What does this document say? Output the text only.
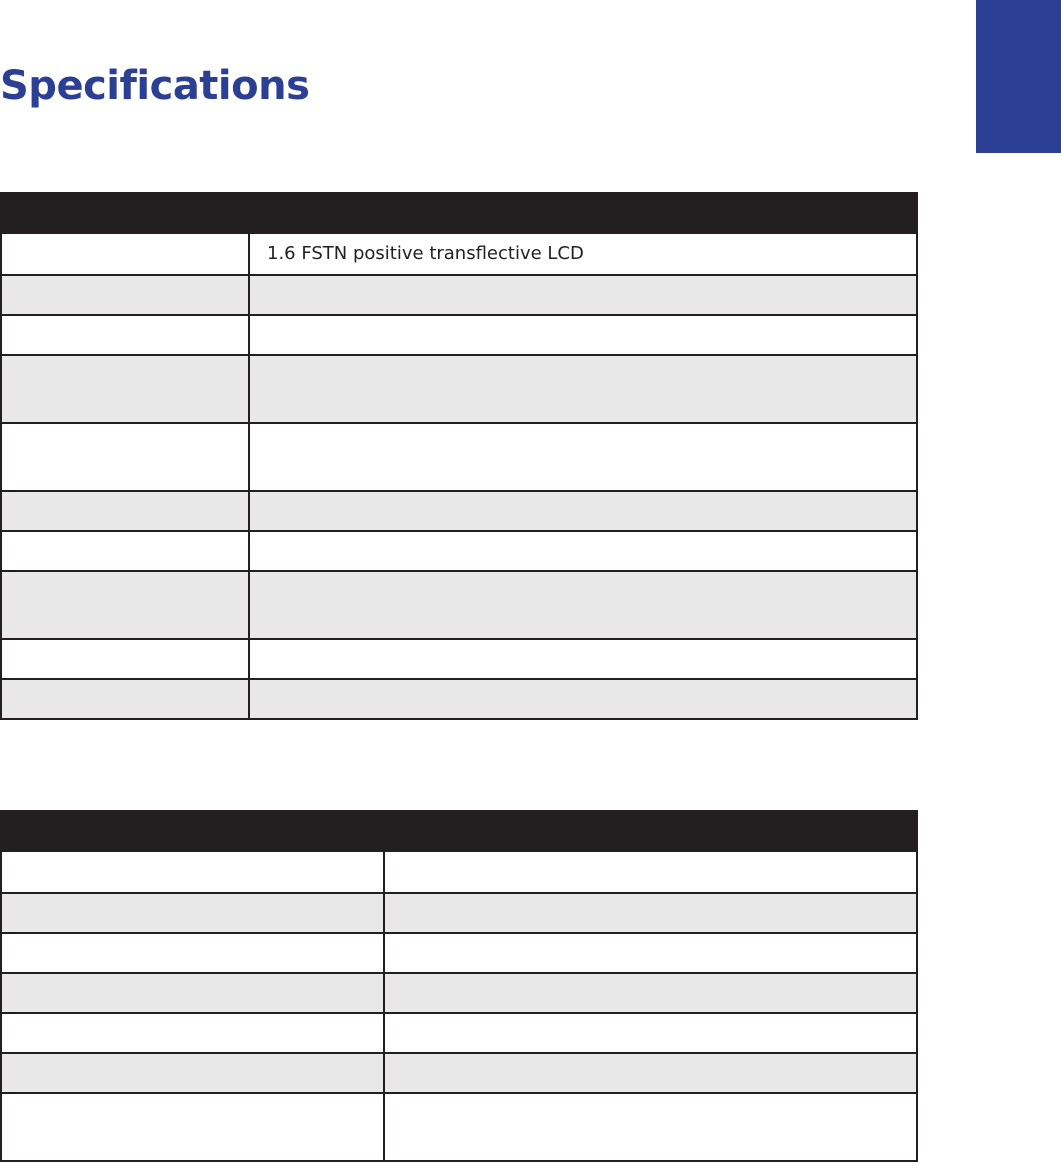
Specifications
1.6 FSTN positive transflective LCD
